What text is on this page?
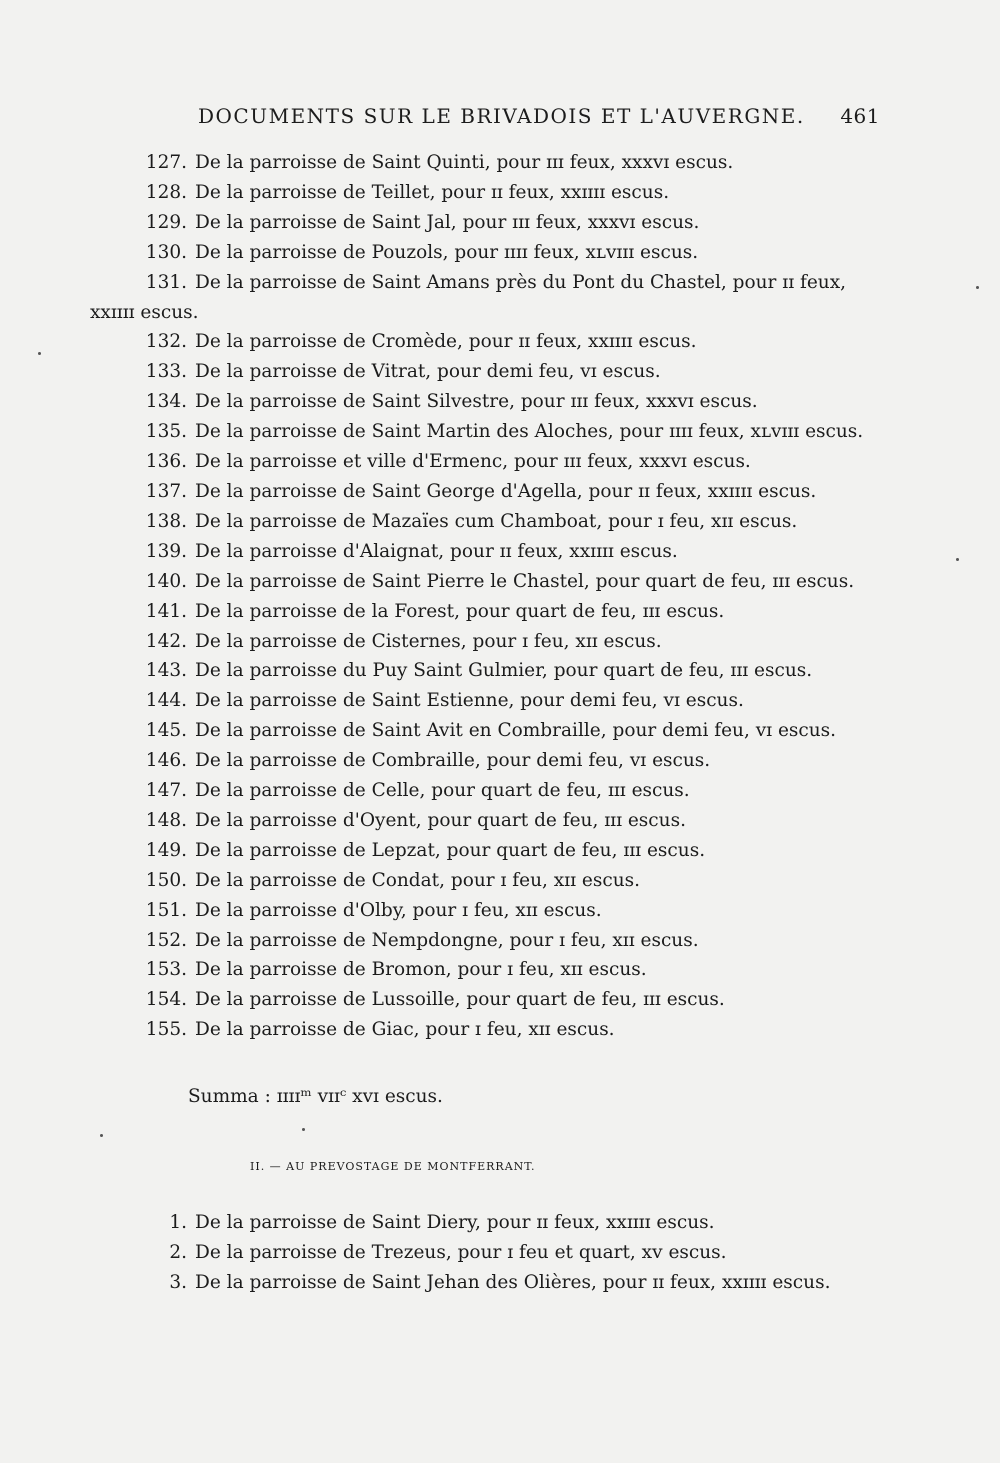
DOCUMENTS SUR LE BRIVADOIS ET L'AUVERGNE. 461
127. De la parroisse de Saint Quinti, pour ɪɪɪ feux, xxxvɪ escus.
128. De la parroisse de Teillet, pour ɪɪ feux, xxɪɪɪɪ escus.
129. De la parroisse de Saint Jal, pour ɪɪɪ feux, xxxvɪ escus.
130. De la parroisse de Pouzols, pour ɪɪɪɪ feux, xʟvɪɪɪ escus.
131. De la parroisse de Saint Amans près du Pont du Chastel, pour ɪɪ feux,
xxɪɪɪɪ escus.
132. De la parroisse de Cromède, pour ɪɪ feux, xxɪɪɪɪ escus.
133. De la parroisse de Vitrat, pour demi feu, vɪ escus.
134. De la parroisse de Saint Silvestre, pour ɪɪɪ feux, xxxvɪ escus.
135. De la parroisse de Saint Martin des Aloches, pour ɪɪɪɪ feux, xʟvɪɪɪ escus.
136. De la parroisse et ville d'Ermenc, pour ɪɪɪ feux, xxxvɪ escus.
137. De la parroisse de Saint George d'Agella, pour ɪɪ feux, xxɪɪɪɪ escus.
138. De la parroisse de Mazaïes cum Chamboat, pour ɪ feu, xɪɪ escus.
139. De la parroisse d'Alaignat, pour ɪɪ feux, xxɪɪɪɪ escus.
140. De la parroisse de Saint Pierre le Chastel, pour quart de feu, ɪɪɪ escus.
141. De la parroisse de la Forest, pour quart de feu, ɪɪɪ escus.
142. De la parroisse de Cisternes, pour ɪ feu, xɪɪ escus.
143. De la parroisse du Puy Saint Gulmier, pour quart de feu, ɪɪɪ escus.
144. De la parroisse de Saint Estienne, pour demi feu, vɪ escus.
145. De la parroisse de Saint Avit en Combraille, pour demi feu, vɪ escus.
146. De la parroisse de Combraille, pour demi feu, vɪ escus.
147. De la parroisse de Celle, pour quart de feu, ɪɪɪ escus.
148. De la parroisse d'Oyent, pour quart de feu, ɪɪɪ escus.
149. De la parroisse de Lepzat, pour quart de feu, ɪɪɪ escus.
150. De la parroisse de Condat, pour ɪ feu, xɪɪ escus.
151. De la parroisse d'Olby, pour ɪ feu, xɪɪ escus.
152. De la parroisse de Nempdongne, pour ɪ feu, xɪɪ escus.
153. De la parroisse de Bromon, pour ɪ feu, xɪɪ escus.
154. De la parroisse de Lussoille, pour quart de feu, ɪɪɪ escus.
155. De la parroisse de Giac, pour ɪ feu, xɪɪ escus.
Summa : ɪɪɪɪᵐ vɪɪᶜ xvɪ escus.
II. — AU PREVOSTAGE DE MONTFERRANT.
1. De la parroisse de Saint Diery, pour ɪɪ feux, xxɪɪɪɪ escus.
2. De la parroisse de Trezeus, pour ɪ feu et quart, xv escus.
3. De la parroisse de Saint Jehan des Olières, pour ɪɪ feux, xxɪɪɪɪ escus.
